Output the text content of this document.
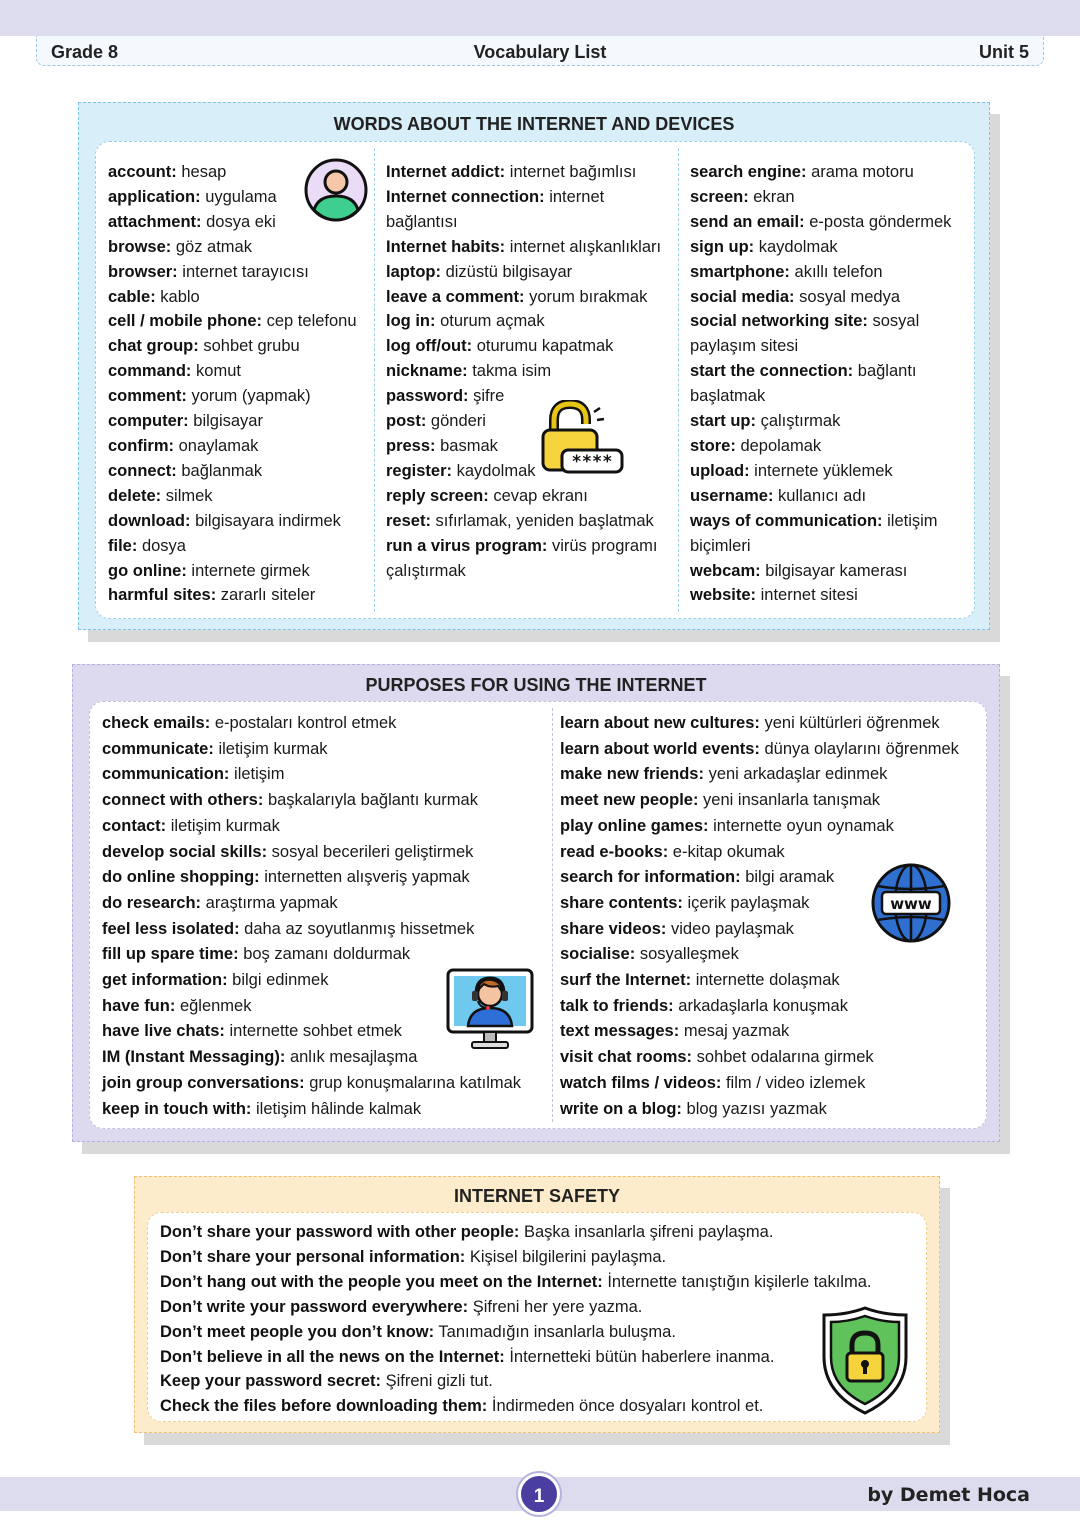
Grade 8	Vocabulary List	Unit 5
WORDS ABOUT THE INTERNET AND DEVICES
account: hesap
application: uygulama
attachment: dosya eki
browse: göz atmak
browser: internet tarayıcısı
cable: kablo
cell / mobile phone: cep telefonu
chat group: sohbet grubu
command: komut
comment: yorum (yapmak)
computer: bilgisayar
confirm: onaylamak
connect: bağlanmak
delete: silmek
download: bilgisayara indirmek
file: dosya
go online: internete girmek
harmful sites: zararlı siteler
Internet addict: internet bağımlısı
Internet connection: internet
bağlantısı
Internet habits: internet alışkanlıkları
laptop: dizüstü bilgisayar
leave a comment: yorum bırakmak
log in: oturum açmak
log off/out: oturumu kapatmak
nickname: takma isim
password: şifre
post: gönderi
press: basmak
register: kaydolmak
reply screen: cevap ekranı
reset: sıfırlamak, yeniden başlatmak
run a virus program: virüs programı
çalıştırmak
search engine: arama motoru
screen: ekran
send an email: e-posta göndermek
sign up: kaydolmak
smartphone: akıllı telefon
social media: sosyal medya
social networking site: sosyal
paylaşım sitesi
start the connection: bağlantı
başlatmak
start up: çalıştırmak
store: depolamak
upload: internete yüklemek
username: kullanıcı adı
ways of communication: iletişim
biçimleri
webcam: bilgisayar kamerası
website: internet sitesi
****
PURPOSES FOR USING THE INTERNET
check emails: e-postaları kontrol etmek
communicate: iletişim kurmak
communication: iletişim
connect with others: başkalarıyla bağlantı kurmak
contact: iletişim kurmak
develop social skills: sosyal becerileri geliştirmek
do online shopping: internetten alışveriş yapmak
do research: araştırma yapmak
feel less isolated: daha az soyutlanmış hissetmek
fill up spare time: boş zamanı doldurmak
get information: bilgi edinmek
have fun: eğlenmek
have live chats: internette sohbet etmek
IM (Instant Messaging): anlık mesajlaşma
join group conversations: grup konuşmalarına katılmak
keep in touch with: iletişim hâlinde kalmak
learn about new cultures: yeni kültürleri öğrenmek
learn about world events: dünya olaylarını öğrenmek
make new friends: yeni arkadaşlar edinmek
meet new people: yeni insanlarla tanışmak
play online games: internette oyun oynamak
read e-books: e-kitap okumak
search for information: bilgi aramak
share contents: içerik paylaşmak
share videos: video paylaşmak
socialise: sosyalleşmek
surf the Internet: internette dolaşmak
talk to friends: arkadaşlarla konuşmak
text messages: mesaj yazmak
visit chat rooms: sohbet odalarına girmek
watch films / videos: film / video izlemek
write on a blog: blog yazısı yazmak
www
INTERNET SAFETY
Don’t share your password with other people: Başka insanlarla şifreni paylaşma.
Don’t share your personal information: Kişisel bilgilerini paylaşma.
Don’t hang out with the people you meet on the Internet: İnternette tanıştığın kişilerle takılma.
Don’t write your password everywhere: Şifreni her yere yazma.
Don’t meet people you don’t know: Tanımadığın insanlarla buluşma.
Don’t believe in all the news on the Internet: İnternetteki bütün haberlere inanma.
Keep your password secret: Şifreni gizli tut.
Check the files before downloading them: İndirmeden önce dosyaları kontrol et.
1	by Demet Hoca
